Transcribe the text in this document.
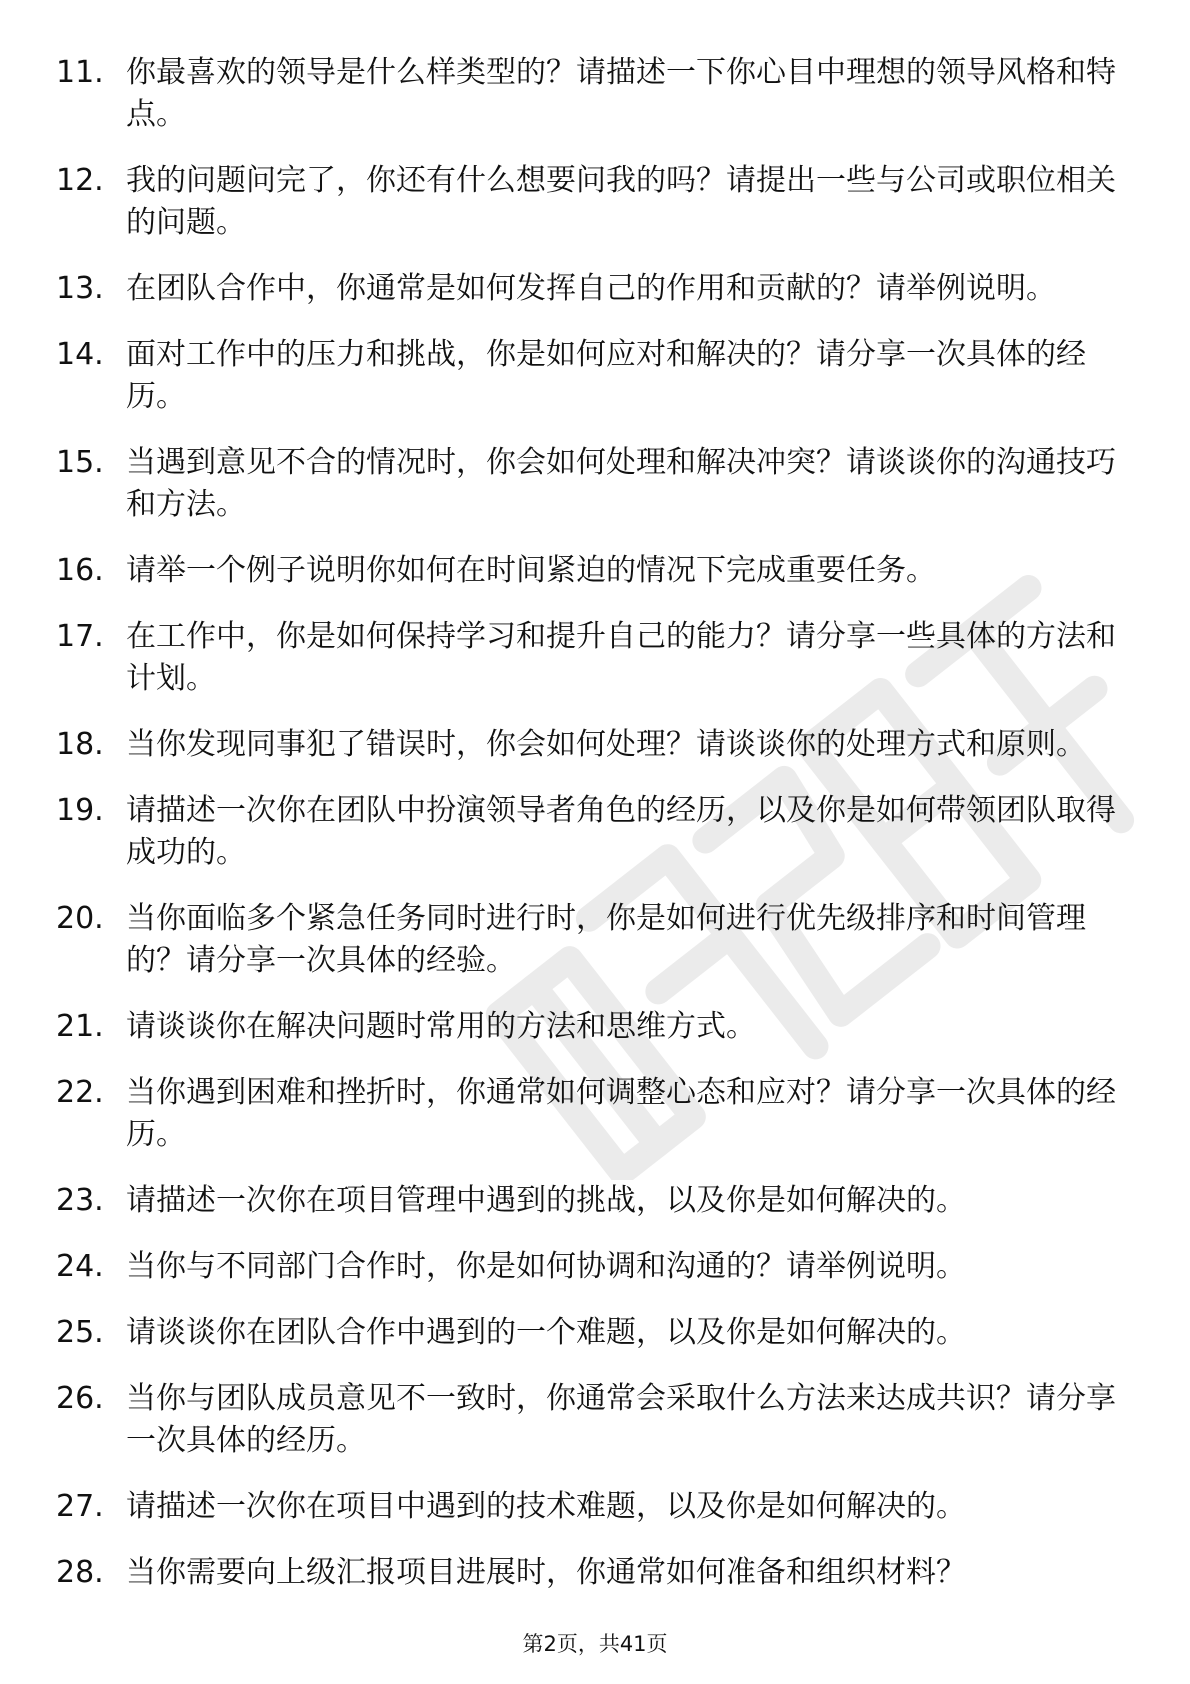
11. 你最喜欢的领导是什么样类型的？请描述一下你心目中理想的领导风格和特点。
12. 我的问题问完了，你还有什么想要问我的吗？请提出一些与公司或职位相关的问题。
13. 在团队合作中，你通常是如何发挥自己的作用和贡献的？请举例说明。
14. 面对工作中的压力和挑战，你是如何应对和解决的？请分享一次具体的经历。
15. 当遇到意见不合的情况时，你会如何处理和解决冲突？请谈谈你的沟通技巧和方法。
16. 请举一个例子说明你如何在时间紧迫的情况下完成重要任务。
17. 在工作中，你是如何保持学习和提升自己的能力？请分享一些具体的方法和计划。
18. 当你发现同事犯了错误时，你会如何处理？请谈谈你的处理方式和原则。
19. 请描述一次你在团队中扮演领导者角色的经历，以及你是如何带领团队取得成功的。
20. 当你面临多个紧急任务同时进行时，你是如何进行优先级排序和时间管理的？请分享一次具体的经验。
21. 请谈谈你在解决问题时常用的方法和思维方式。
22. 当你遇到困难和挫折时，你通常如何调整心态和应对？请分享一次具体的经历。
23. 请描述一次你在项目管理中遇到的挑战，以及你是如何解决的。
24. 当你与不同部门合作时，你是如何协调和沟通的？请举例说明。
25. 请谈谈你在团队合作中遇到的一个难题，以及你是如何解决的。
26. 当你与团队成员意见不一致时，你通常会采取什么方法来达成共识？请分享一次具体的经历。
27. 请描述一次你在项目中遇到的技术难题，以及你是如何解决的。
28. 当你需要向上级汇报项目进展时，你通常如何准备和组织材料？
第2页，共41页
